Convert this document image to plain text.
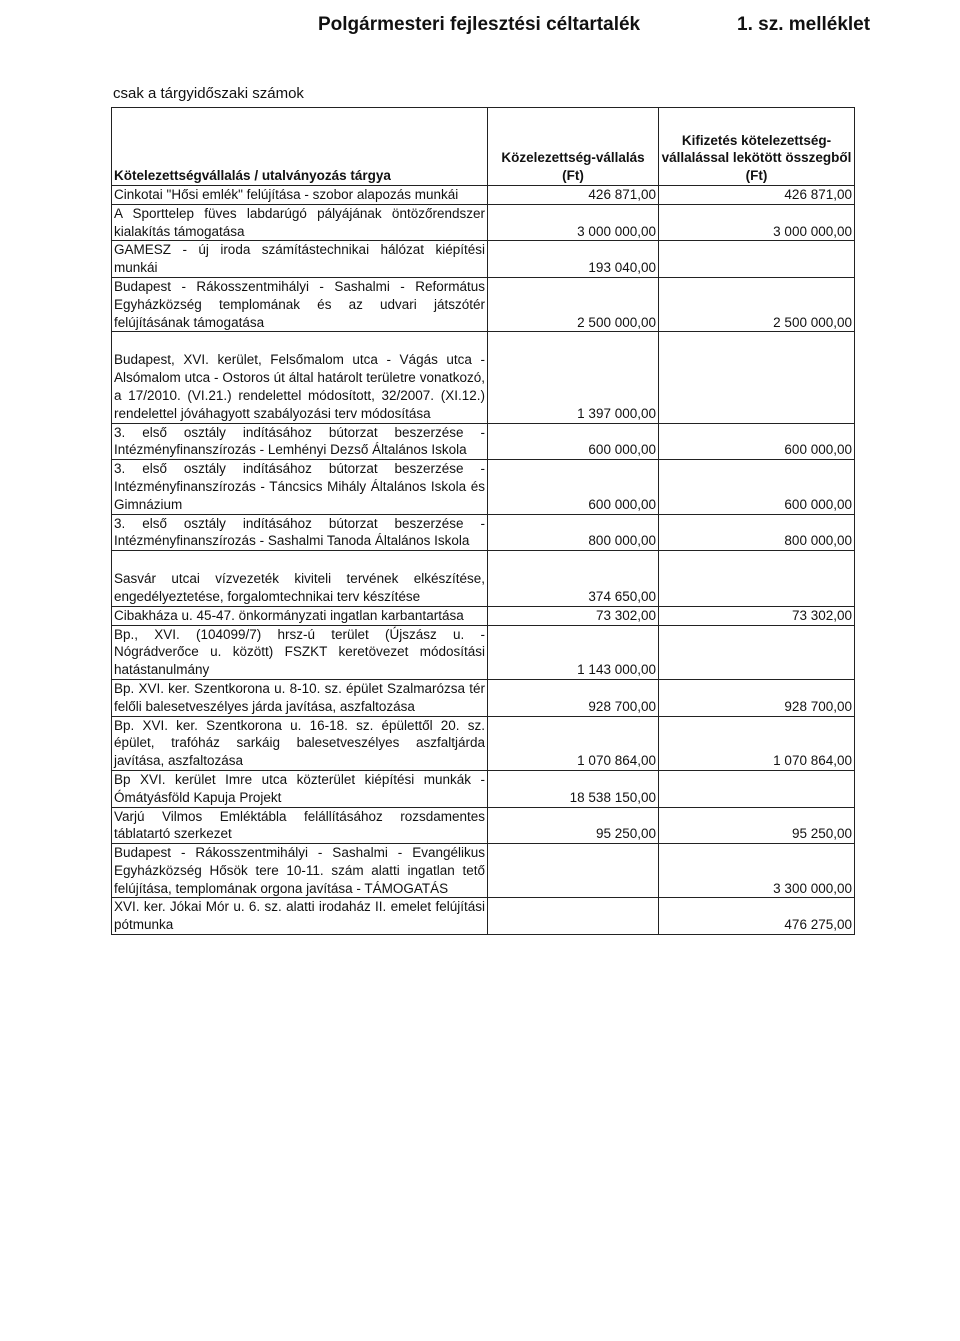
Polgármesteri fejlesztési céltartalék	1. sz. melléklet
csak a tárgyidőszaki számok
Kötelezettségvállalás / utalványozás tárgya	Közelezettség-vállalás (Ft)	Kifizetés kötelezettség-vállalással lekötött összegből (Ft)
Cinkotai "Hősi emlék" felújítása - szobor alapozás munkái	426 871,00	426 871,00
A Sporttelep füves labdarúgó pályájának öntözőrendszer kialakítás támogatása	3 000 000,00	3 000 000,00
GAMESZ - új iroda számítástechnikai hálózat kiépítési munkái	193 040,00	
Budapest - Rákosszentmihályi - Sashalmi - Református Egyházközség templomának és az udvari játszótér felújításának támogatása	2 500 000,00	2 500 000,00

Budapest, XVI. kerület, Felsőmalom utca - Vágás utca - Alsómalom utca - Ostoros út által határolt területre vonatkozó, a 17/2010. (VI.21.) rendelettel módosított, 32/2007. (XI.12.) rendelettel jóváhagyott szabályozási terv módosítása	1 397 000,00	
3. első osztály indításához bútorzat beszerzése - Intézményfinanszírozás - Lemhényi Dezső Általános Iskola	600 000,00	600 000,00
3. első osztály indításához bútorzat beszerzése - Intézményfinanszírozás - Táncsics Mihály Általános Iskola és Gimnázium	600 000,00	600 000,00
3. első osztály indításához bútorzat beszerzése - Intézményfinanszírozás - Sashalmi Tanoda Általános Iskola	800 000,00	800 000,00

Sasvár utcai vízvezeték kiviteli tervének elkészítése, engedélyeztetése, forgalomtechnikai terv készítése	374 650,00	
Cibakháza u. 45-47. önkormányzati ingatlan karbantartása	73 302,00	73 302,00
Bp., XVI. (104099/7) hrsz-ú terület (Újszász u. - Nógrádverőce u. között) FSZKT keretövezet módosítási hatástanulmány	1 143 000,00	
Bp. XVI. ker. Szentkorona u. 8-10. sz. épület Szalmarózsa tér felőli balesetveszélyes járda javítása, aszfaltozása	928 700,00	928 700,00
Bp. XVI. ker. Szentkorona u. 16-18. sz. épülettől 20. sz. épület, trafóház sarkáig balesetveszélyes aszfaltjárda javítása, aszfaltozása	1 070 864,00	1 070 864,00
Bp XVI. kerület Imre utca közterület kiépítési munkák - Ómátyásföld Kapuja Projekt	18 538 150,00	
Varjú Vilmos Emléktábla felállításához rozsdamentes táblatartó szerkezet	95 250,00	95 250,00
Budapest - Rákosszentmihályi - Sashalmi - Evangélikus Egyházközség Hősök tere 10-11. szám alatti ingatlan tető felújítása, templomának orgona javítása - TÁMOGATÁS		3 300 000,00
XVI. ker. Jókai Mór u. 6. sz. alatti irodaház II. emelet felújítási pótmunka		476 275,00
